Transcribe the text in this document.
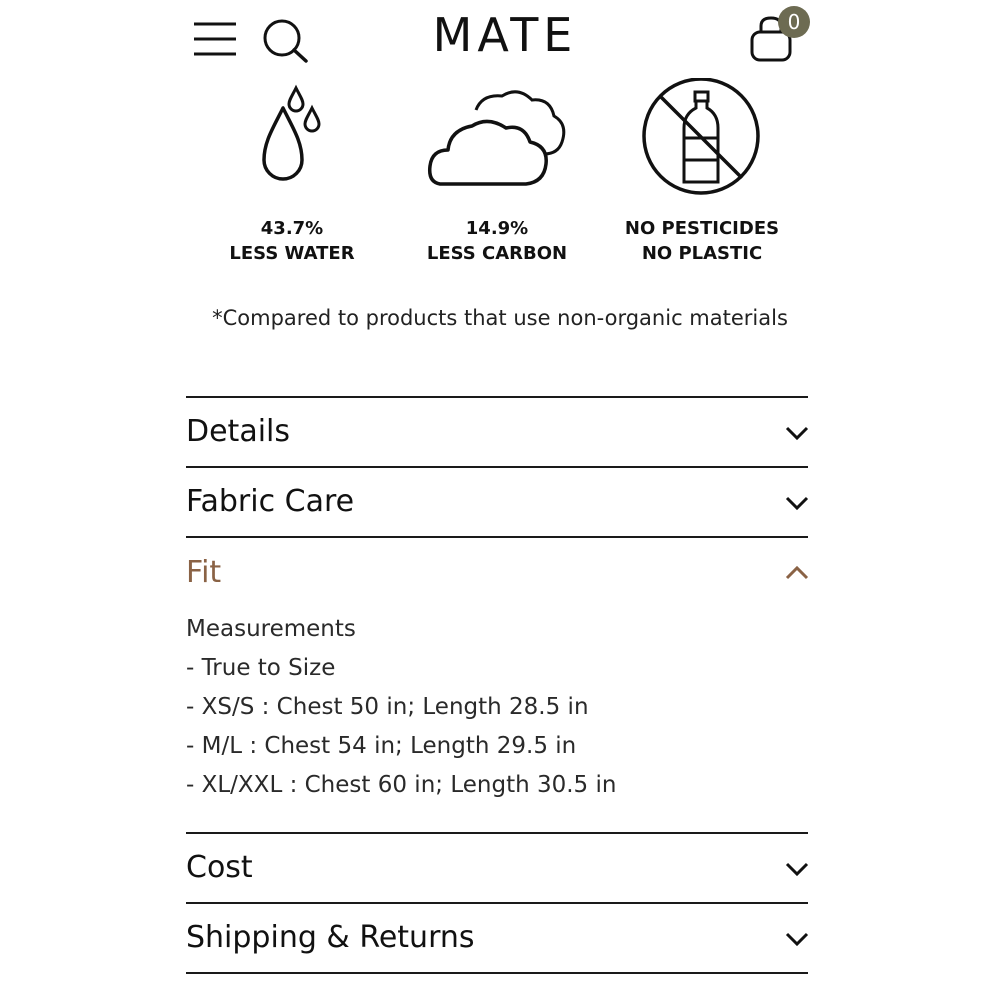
MATE	0
43.7%
LESS WATER
14.9%
LESS CARBON
NO PESTICIDES
NO PLASTIC
*Compared to products that use non-organic materials
Details
Fabric Care
Fit
Measurements
- True to Size
- XS/S : Chest 50 in; Length 28.5 in
- M/L : Chest 54 in; Length 29.5 in
- XL/XXL : Chest 60 in; Length 30.5 in
Cost
Shipping & Returns
